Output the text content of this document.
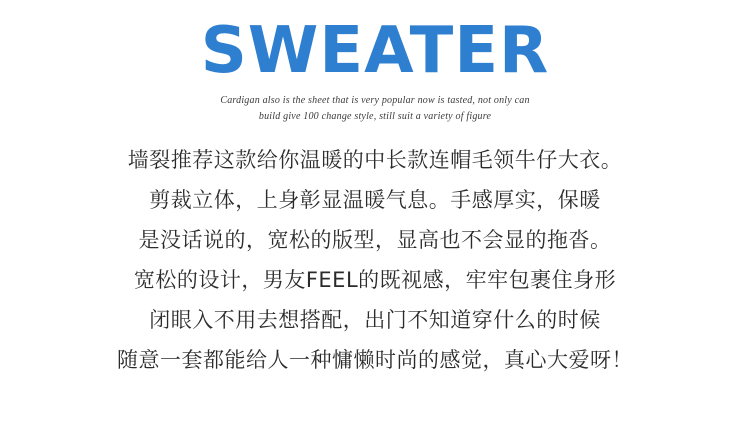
SWEATER
Cardigan also is the sheet that is very popular now is tasted, not only can
build give 100 change style, still suit a variety of figure
墙裂推荐这款给你温暖的中长款连帽毛领牛仔大衣。
剪裁立体，上身彰显温暖气息。手感厚实，保暖
是没话说的，宽松的版型，显高也不会显的拖沓。
宽松的设计，男友FEEL的既视感，牢牢包裹住身形
闭眼入不用去想搭配，出门不知道穿什么的时候
随意一套都能给人一种慵懒时尚的感觉，真心大爱呀！
